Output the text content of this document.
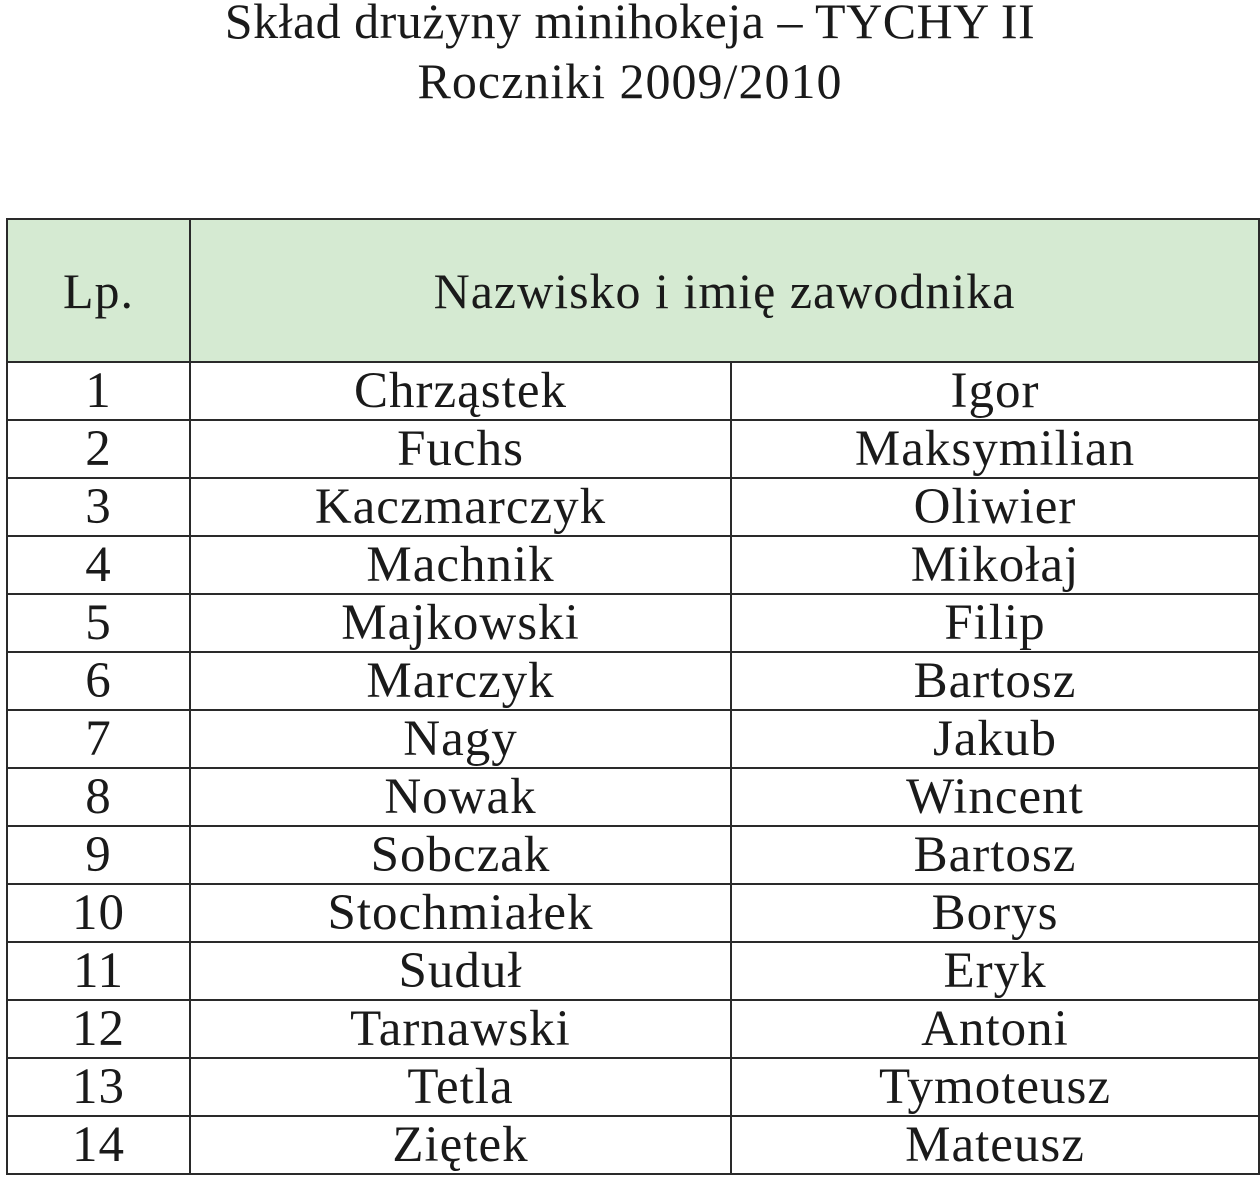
Skład drużyny minihokeja – TYCHY II
Roczniki 2009/2010
Lp.	Nazwisko i imię zawodnika	
1	Chrząstek	Igor
2	Fuchs	Maksymilian
3	Kaczmarczyk	Oliwier
4	Machnik	Mikołaj
5	Majkowski	Filip
6	Marczyk	Bartosz
7	Nagy	Jakub
8	Nowak	Wincent
9	Sobczak	Bartosz
10	Stochmiałek	Borys
11	Suduł	Eryk
12	Tarnawski	Antoni
13	Tetla	Tymoteusz
14	Ziętek	Mateusz
